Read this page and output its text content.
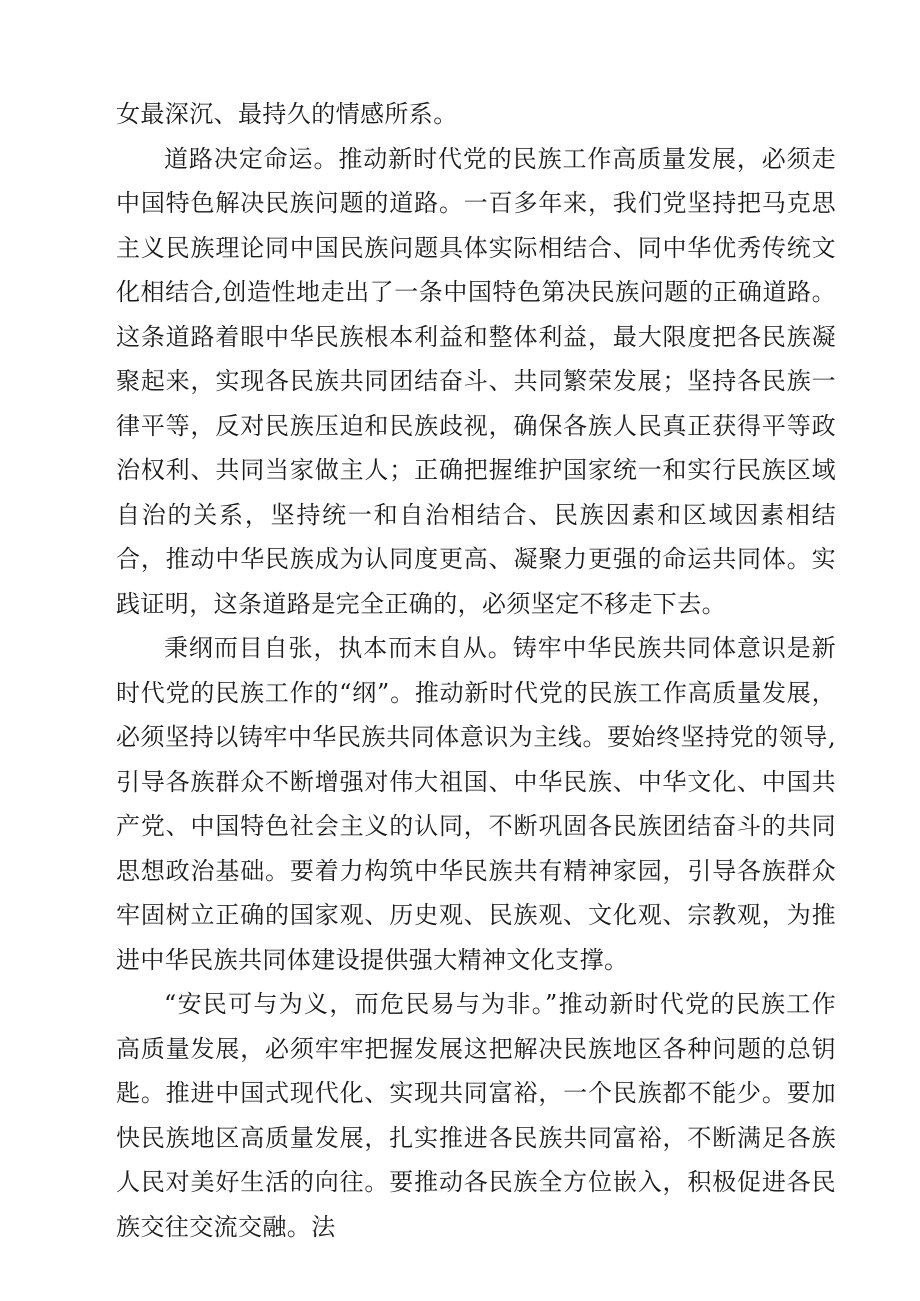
女最深沉、最持久的情感所系。

道路决定命运。推动新时代党的民族工作高质量发展，必须走中国特色解决民族问题的道路。一百多年来，我们党坚持把马克思主义民族理论同中国民族问题具体实际相结合、同中华优秀传统文化相结合,创造性地走出了一条中国特色第决民族问题的正确道路。这条道路着眼中华民族根本利益和整体利益，最大限度把各民族凝聚起来，实现各民族共同团结奋斗、共同繁荣发展；坚持各民族一律平等，反对民族压迫和民族歧视，确保各族人民真正获得平等政治权利、共同当家做主人；正确把握维护国家统一和实行民族区域自治的关系，坚持统一和自治相结合、民族因素和区域因素相结合，推动中华民族成为认同度更高、凝聚力更强的命运共同体。实践证明，这条道路是完全正确的，必须坚定不移走下去。

秉纲而目自张，执本而末自从。铸牢中华民族共同体意识是新时代党的民族工作的“纲”。推动新时代党的民族工作高质量发展，必须坚持以铸牢中华民族共同体意识为主线。要始终坚持党的领导,引导各族群众不断增强对伟大祖国、中华民族、中华文化、中国共产党、中国特色社会主义的认同，不断巩固各民族团结奋斗的共同思想政治基础。要着力构筑中华民族共有精神家园，引导各族群众牢固树立正确的国家观、历史观、民族观、文化观、宗教观，为推进中华民族共同体建设提供强大精神文化支撑。

“安民可与为义，而危民易与为非。”推动新时代党的民族工作高质量发展，必须牢牢把握发展这把解决民族地区各种问题的总钥匙。推进中国式现代化、实现共同富裕，一个民族都不能少。要加快民族地区高质量发展，扎实推进各民族共同富裕，不断满足各族人民对美好生活的向往。要推动各民族全方位嵌入，积极促进各民族交往交流交融。法
